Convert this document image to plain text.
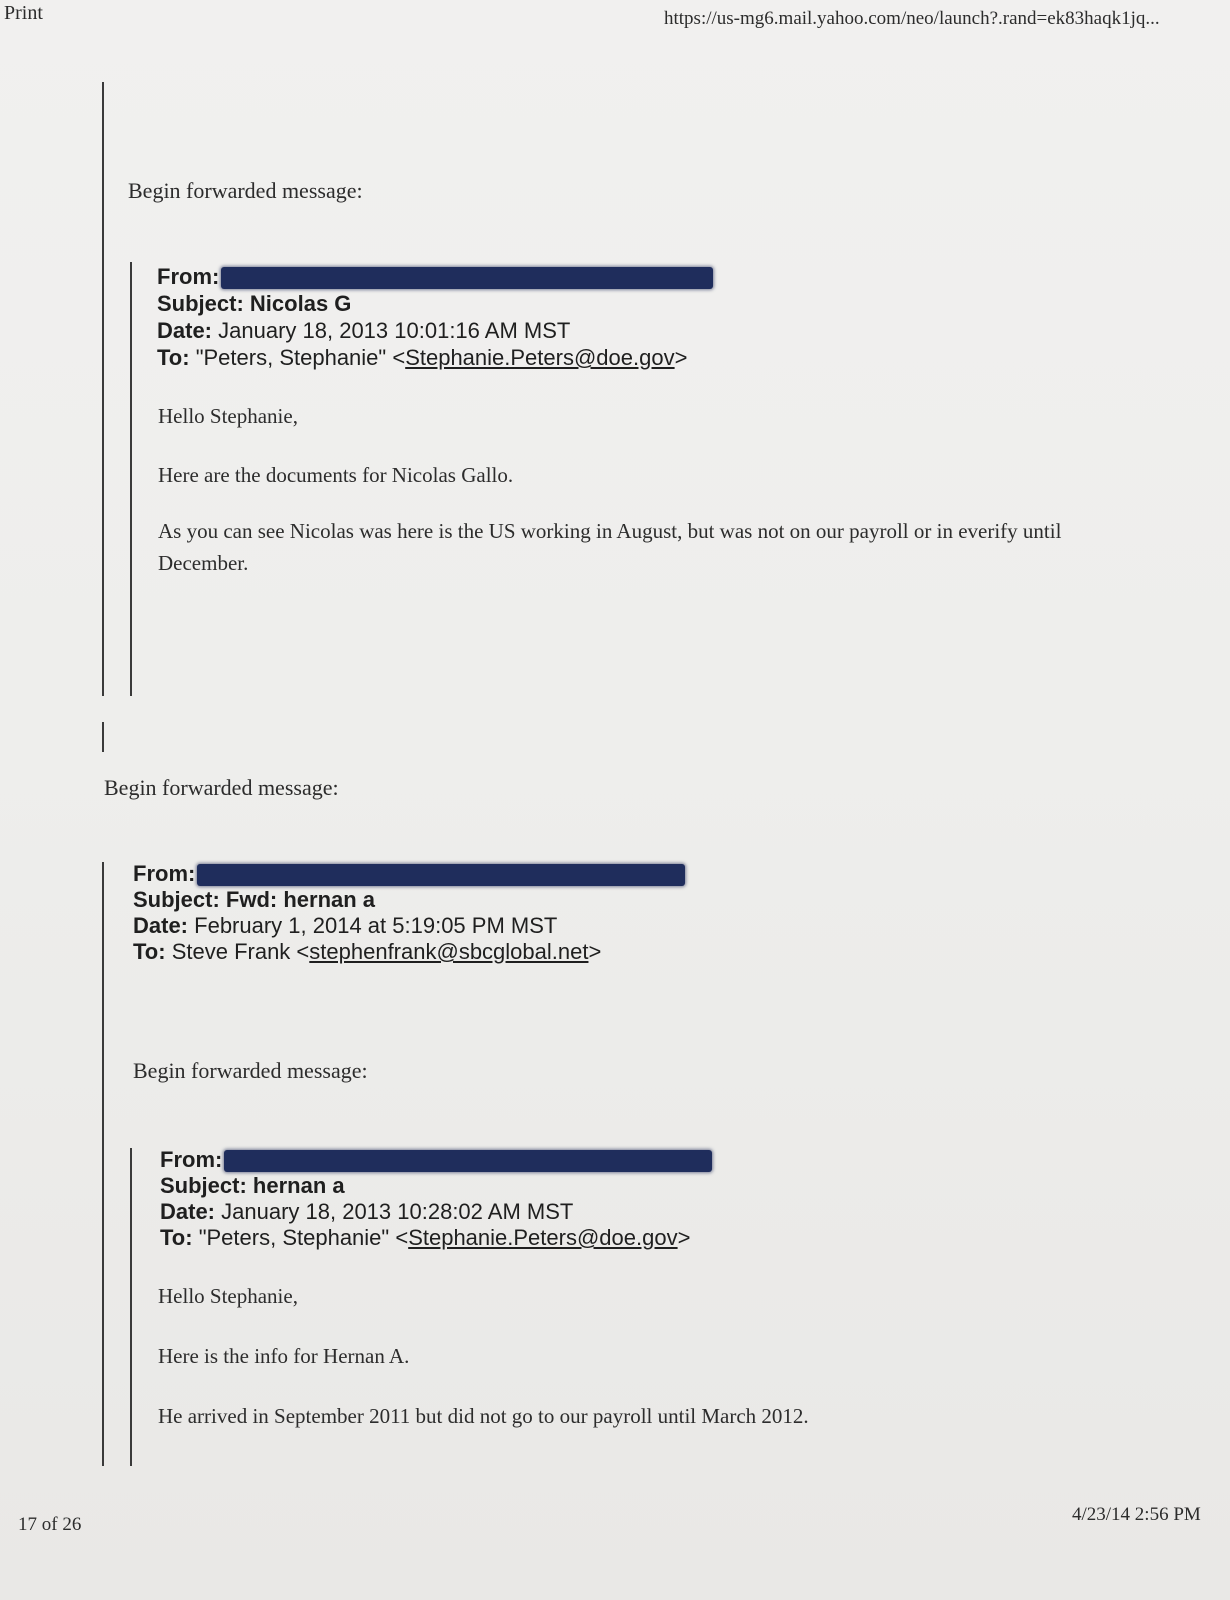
Print	https://us-mg6.mail.yahoo.com/neo/launch?.rand=ek83haqk1jq...
Begin forwarded message:
From:
Subject: Nicolas G
Date: January 18, 2013 10:01:16 AM MST
To: "Peters, Stephanie" <Stephanie.Peters@doe.gov>
Hello Stephanie,
Here are the documents for Nicolas Gallo.
As you can see Nicolas was here is the US working in August, but was not on our payroll or in everify until December.
Begin forwarded message:
From:
Subject: Fwd: hernan a
Date: February 1, 2014 at 5:19:05 PM MST
To: Steve Frank <stephenfrank@sbcglobal.net>
Begin forwarded message:
From:
Subject: hernan a
Date: January 18, 2013 10:28:02 AM MST
To: "Peters, Stephanie" <Stephanie.Peters@doe.gov>
Hello Stephanie,
Here is the info for Hernan A.
He arrived in September 2011 but did not go to our payroll until March 2012.
17 of 26	4/23/14 2:56 PM
